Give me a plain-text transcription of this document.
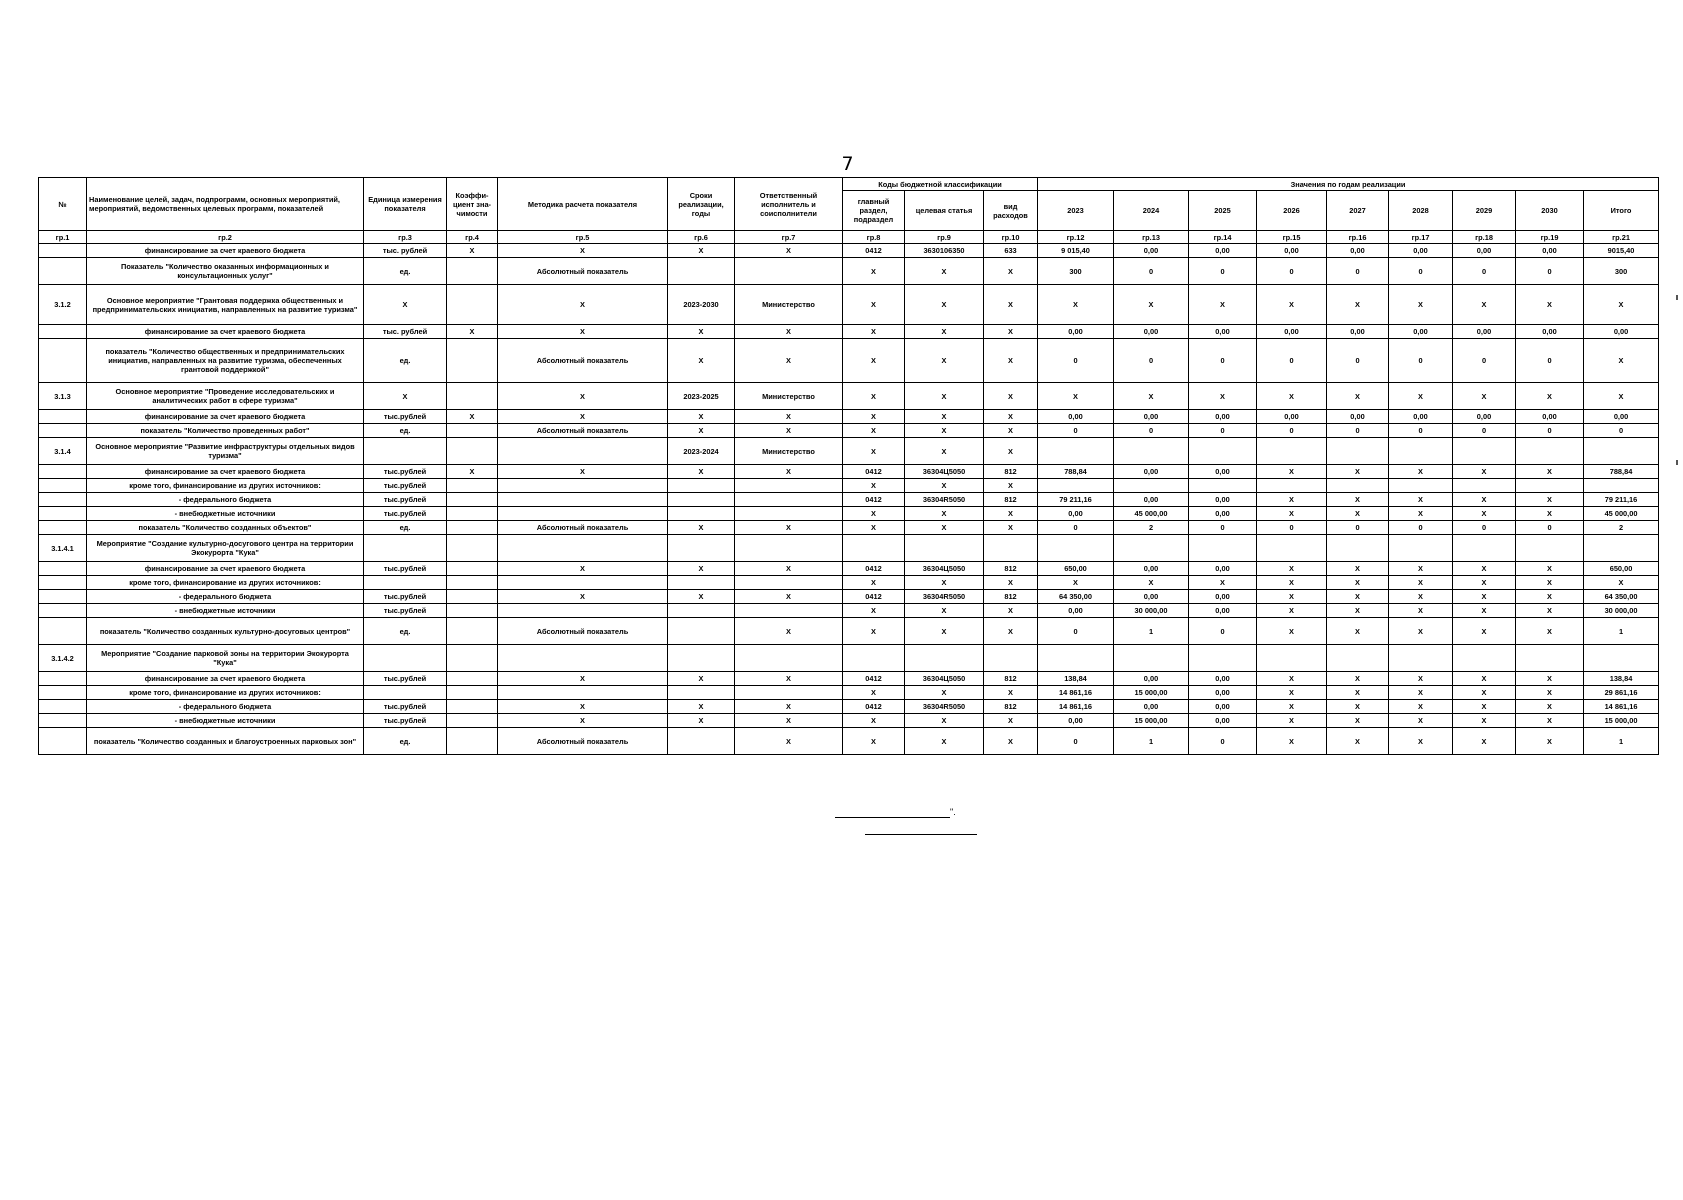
7
№	Наименование целей, задач, подпрограмм, основных мероприятий, мероприятий, ведомственных целевых программ, показателей	Единица измерения показателя	Коэффи-циент зна-чимости	Методика расчета показателя	Сроки реализации, годы	Ответственный исполнитель и соисполнители	Коды бюджетной классификации			Значения по годам реализации								
							главный раздел, подраздел	целевая статья	вид расходов	2023	2024	2025	2026	2027	2028	2029	2030	Итого
гр.1	гр.2	гр.3	гр.4	гр.5	гр.6	гр.7	гр.8	гр.9	гр.10	гр.12	гр.13	гр.14	гр.15	гр.16	гр.17	гр.18	гр.19	гр.21
	финансирование за счет краевого бюджета	тыс. рублей	Х	Х	Х	Х	0412	3630106350	633	9 015,40	0,00	0,00	0,00	0,00	0,00	0,00	0,00	9015,40
	Показатель "Количество оказанных информационных и консультационных услуг"	ед.		Абсолютный показатель			Х	Х	Х	300	0	0	0	0	0	0	0	300
3.1.2	Основное мероприятие "Грантовая поддержка общественных и предпринимательских инициатив, направленных на развитие туризма"	Х		Х	2023-2030	Министерство	Х	Х	Х	Х	Х	Х	Х	Х	Х	Х	Х	Х
	финансирование за счет краевого бюджета	тыс. рублей	Х	Х	Х	Х	Х	Х	Х	0,00	0,00	0,00	0,00	0,00	0,00	0,00	0,00	0,00
	показатель "Количество общественных и предпринимательских инициатив, направленных на развитие туризма, обеспеченных грантовой поддержкой"	ед.		Абсолютный показатель	Х	Х	Х	Х	Х	0	0	0	0	0	0	0	0	Х
3.1.3	Основное мероприятие "Проведение исследовательских и аналитических работ в сфере туризма"	Х		Х	2023-2025	Министерство	Х	Х	Х	Х	Х	Х	Х	Х	Х	Х	Х	Х
	финансирование за счет краевого бюджета	тыс.рублей	Х	Х	Х	Х	Х	Х	Х	0,00	0,00	0,00	0,00	0,00	0,00	0,00	0,00	0,00
	показатель "Количество проведенных работ"	ед.		Абсолютный показатель	Х	Х	Х	Х	Х	0	0	0	0	0	0	0	0	0
3.1.4	Основное мероприятие "Развитие инфраструктуры отдельных видов туризма"				2023-2024	Министерство	Х	Х	Х									
	финансирование за счет краевого бюджета	тыс.рублей	Х	Х	Х	Х	0412	36304Ц5050	812	788,84	0,00	0,00	Х	Х	Х	Х	Х	788,84
	кроме того, финансирование из других источников:	тыс.рублей					Х	Х	Х									
	- федерального бюджета	тыс.рублей					0412	36304R5050	812	79 211,16	0,00	0,00	Х	Х	Х	Х	Х	79 211,16
	- внебюджетные источники	тыс.рублей					Х	Х	Х	0,00	45 000,00	0,00	Х	Х	Х	Х	Х	45 000,00
	показатель "Количество созданных объектов"	ед.		Абсолютный показатель	Х	Х	Х	Х	Х	0	2	0	0	0	0	0	0	2
3.1.4.1	Мероприятие "Создание культурно-досугового центра на территории Экокурорта "Кука"																	
	финансирование за счет краевого бюджета	тыс.рублей		Х	Х	Х	0412	36304Ц5050	812	650,00	0,00	0,00	Х	Х	Х	Х	Х	650,00
	кроме того, финансирование из других источников:						Х	Х	Х	Х	Х	Х	Х	Х	Х	Х	Х	Х
	- федерального бюджета	тыс.рублей		Х	Х	Х	0412	36304R5050	812	64 350,00	0,00	0,00	Х	Х	Х	Х	Х	64 350,00
	- внебюджетные источники	тыс.рублей					Х	Х	Х	0,00	30 000,00	0,00	Х	Х	Х	Х	Х	30 000,00
	показатель "Количество созданных культурно-досуговых центров"	ед.		Абсолютный показатель		Х	Х	Х	Х	0	1	0	Х	Х	Х	Х	Х	1
3.1.4.2	Мероприятие "Создание парковой зоны на территории Экокурорта "Кука"																	
	финансирование за счет краевого бюджета	тыс.рублей		Х	Х	Х	0412	36304Ц5050	812	138,84	0,00	0,00	Х	Х	Х	Х	Х	138,84
	кроме того, финансирование из других источников:						Х	Х	Х	14 861,16	15 000,00	0,00	Х	Х	Х	Х	Х	29 861,16
	- федерального бюджета	тыс.рублей		Х	Х	Х	0412	36304R5050	812	14 861,16	0,00	0,00	Х	Х	Х	Х	Х	14 861,16
	- внебюджетные источники	тыс.рублей		Х	Х	Х	Х	Х	Х	0,00	15 000,00	0,00	Х	Х	Х	Х	Х	15 000,00
	показатель "Количество созданных и благоустроенных парковых зон"	ед.		Абсолютный показатель		Х	Х	Х	Х	0	1	0	Х	Х	Х	Х	Х	1
".
